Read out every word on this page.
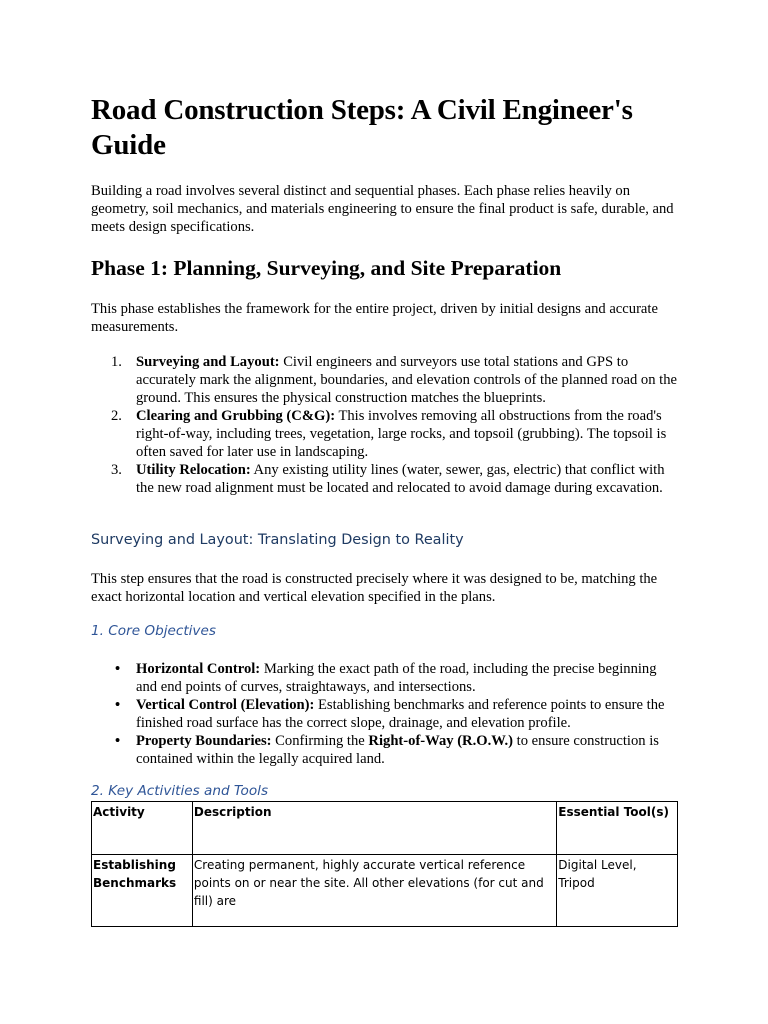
Road Construction Steps: A Civil Engineer's Guide

Building a road involves several distinct and sequential phases. Each phase relies heavily on geometry, soil mechanics, and materials engineering to ensure the final product is safe, durable, and meets design specifications.

Phase 1: Planning, Surveying, and Site Preparation

This phase establishes the framework for the entire project, driven by initial designs and accurate measurements.

1. Surveying and Layout: Civil engineers and surveyors use total stations and GPS to accurately mark the alignment, boundaries, and elevation controls of the planned road on the ground. This ensures the physical construction matches the blueprints.
2. Clearing and Grubbing (C&G): This involves removing all obstructions from the road's right-of-way, including trees, vegetation, large rocks, and topsoil (grubbing). The topsoil is often saved for later use in landscaping.
3. Utility Relocation: Any existing utility lines (water, sewer, gas, electric) that conflict with the new road alignment must be located and relocated to avoid damage during excavation.
Surveying and Layout: Translating Design to Reality

This step ensures that the road is constructed precisely where it was designed to be, matching the exact horizontal location and vertical elevation specified in the plans.

1. Core Objectives
• Horizontal Control: Marking the exact path of the road, including the precise beginning and end points of curves, straightaways, and intersections.
• Vertical Control (Elevation): Establishing benchmarks and reference points to ensure the finished road surface has the correct slope, drainage, and elevation profile.
• Property Boundaries: Confirming the Right-of-Way (R.O.W.) to ensure construction is contained within the legally acquired land.
2. Key Activities and Tools
Activity	Description	Essential Tool(s)
Establishing Benchmarks	Creating permanent, highly accurate vertical reference points on or near the site. All other elevations (for cut and fill) are	Digital Level, Tripod
